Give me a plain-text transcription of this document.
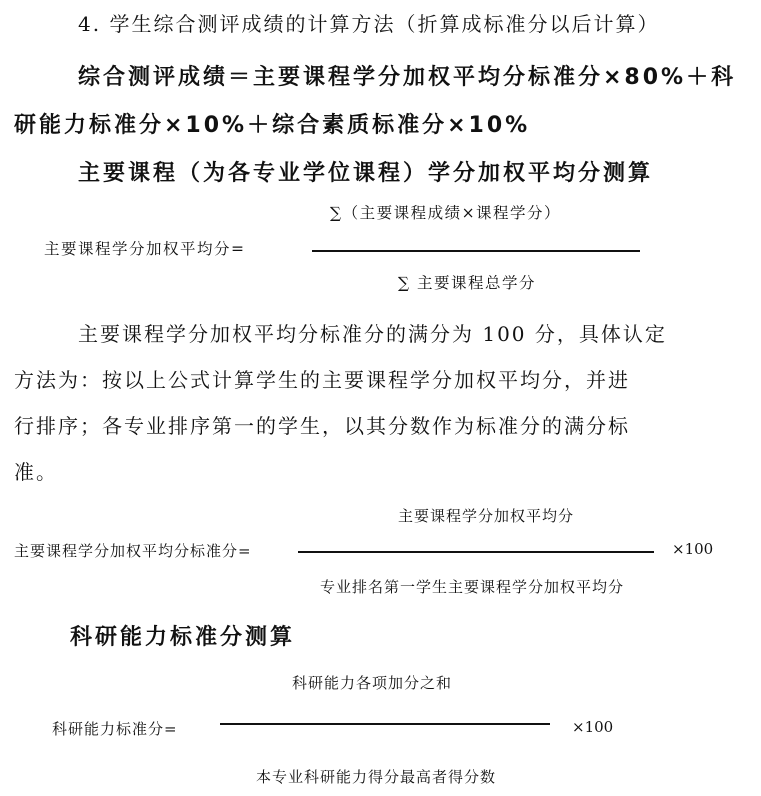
4. 学生综合测评成绩的计算方法（折算成标准分以后计算）
综合测评成绩＝主要课程学分加权平均分标准分×80%＋科
研能力标准分×10%＋综合素质标准分×10%
主要课程（为各专业学位课程）学分加权平均分测算
∑（主要课程成绩×课程学分）
主要课程学分加权平均分=
∑ 主要课程总学分
主要课程学分加权平均分标准分的满分为 100 分，具体认定
方法为：按以上公式计算学生的主要课程学分加权平均分，并进
行排序；各专业排序第一的学生，以其分数作为标准分的满分标
准。
主要课程学分加权平均分
主要课程学分加权平均分标准分=	×100
专业排名第一学生主要课程学分加权平均分
科研能力标准分测算
科研能力各项加分之和
科研能力标准分=	×100
本专业科研能力得分最高者得分数
